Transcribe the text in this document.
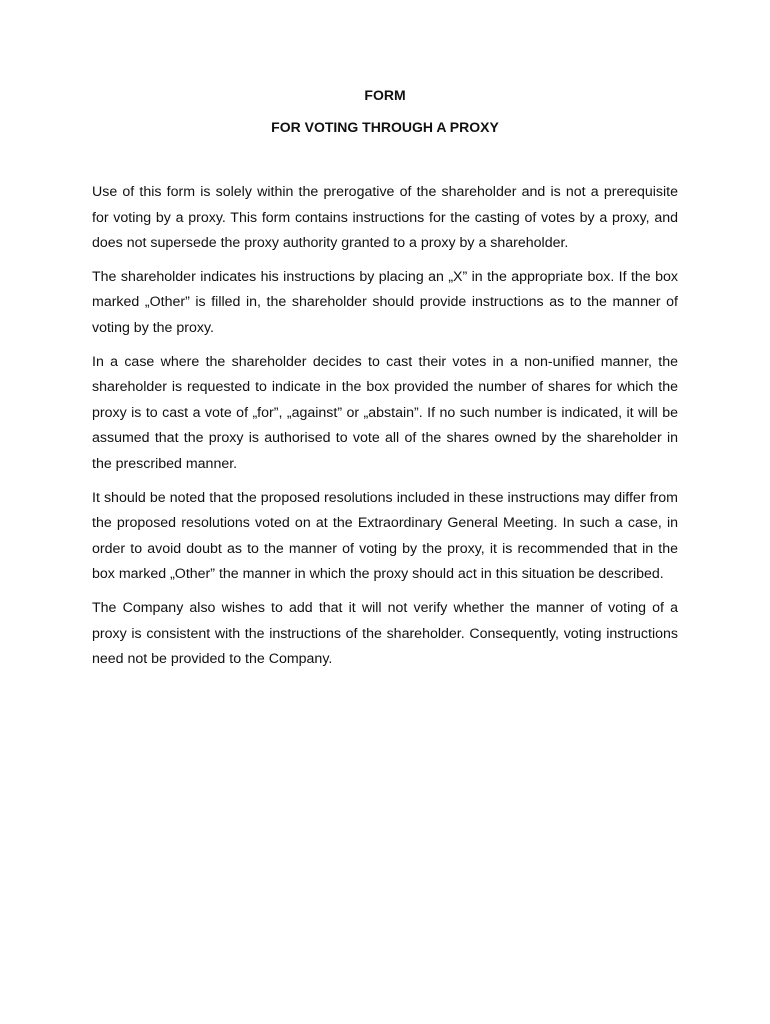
FORM
FOR VOTING THROUGH A PROXY

Use of this form is solely within the prerogative of the shareholder and is not a prerequisite for voting by a proxy. This form contains instructions for the casting of votes by a proxy, and does not supersede the proxy authority granted to a proxy by a shareholder.

The shareholder indicates his instructions by placing an „X” in the appropriate box. If the box marked „Other” is filled in, the shareholder should provide instructions as to the manner of voting by the proxy.

In a case where the shareholder decides to cast their votes in a non-unified manner, the shareholder is requested to indicate in the box provided the number of shares for which the proxy is to cast a vote of „for”, „against” or „abstain”. If no such number is indicated, it will be assumed that the proxy is authorised to vote all of the shares owned by the shareholder in the prescribed manner.

It should be noted that the proposed resolutions included in these instructions may differ from the proposed resolutions voted on at the Extraordinary General Meeting. In such a case, in order to avoid doubt as to the manner of voting by the proxy, it is recommended that in the box marked „Other” the manner in which the proxy should act in this situation be described.

The Company also wishes to add that it will not verify whether the manner of voting of a proxy is consistent with the instructions of the shareholder. Consequently, voting instructions need not be provided to the Company.
